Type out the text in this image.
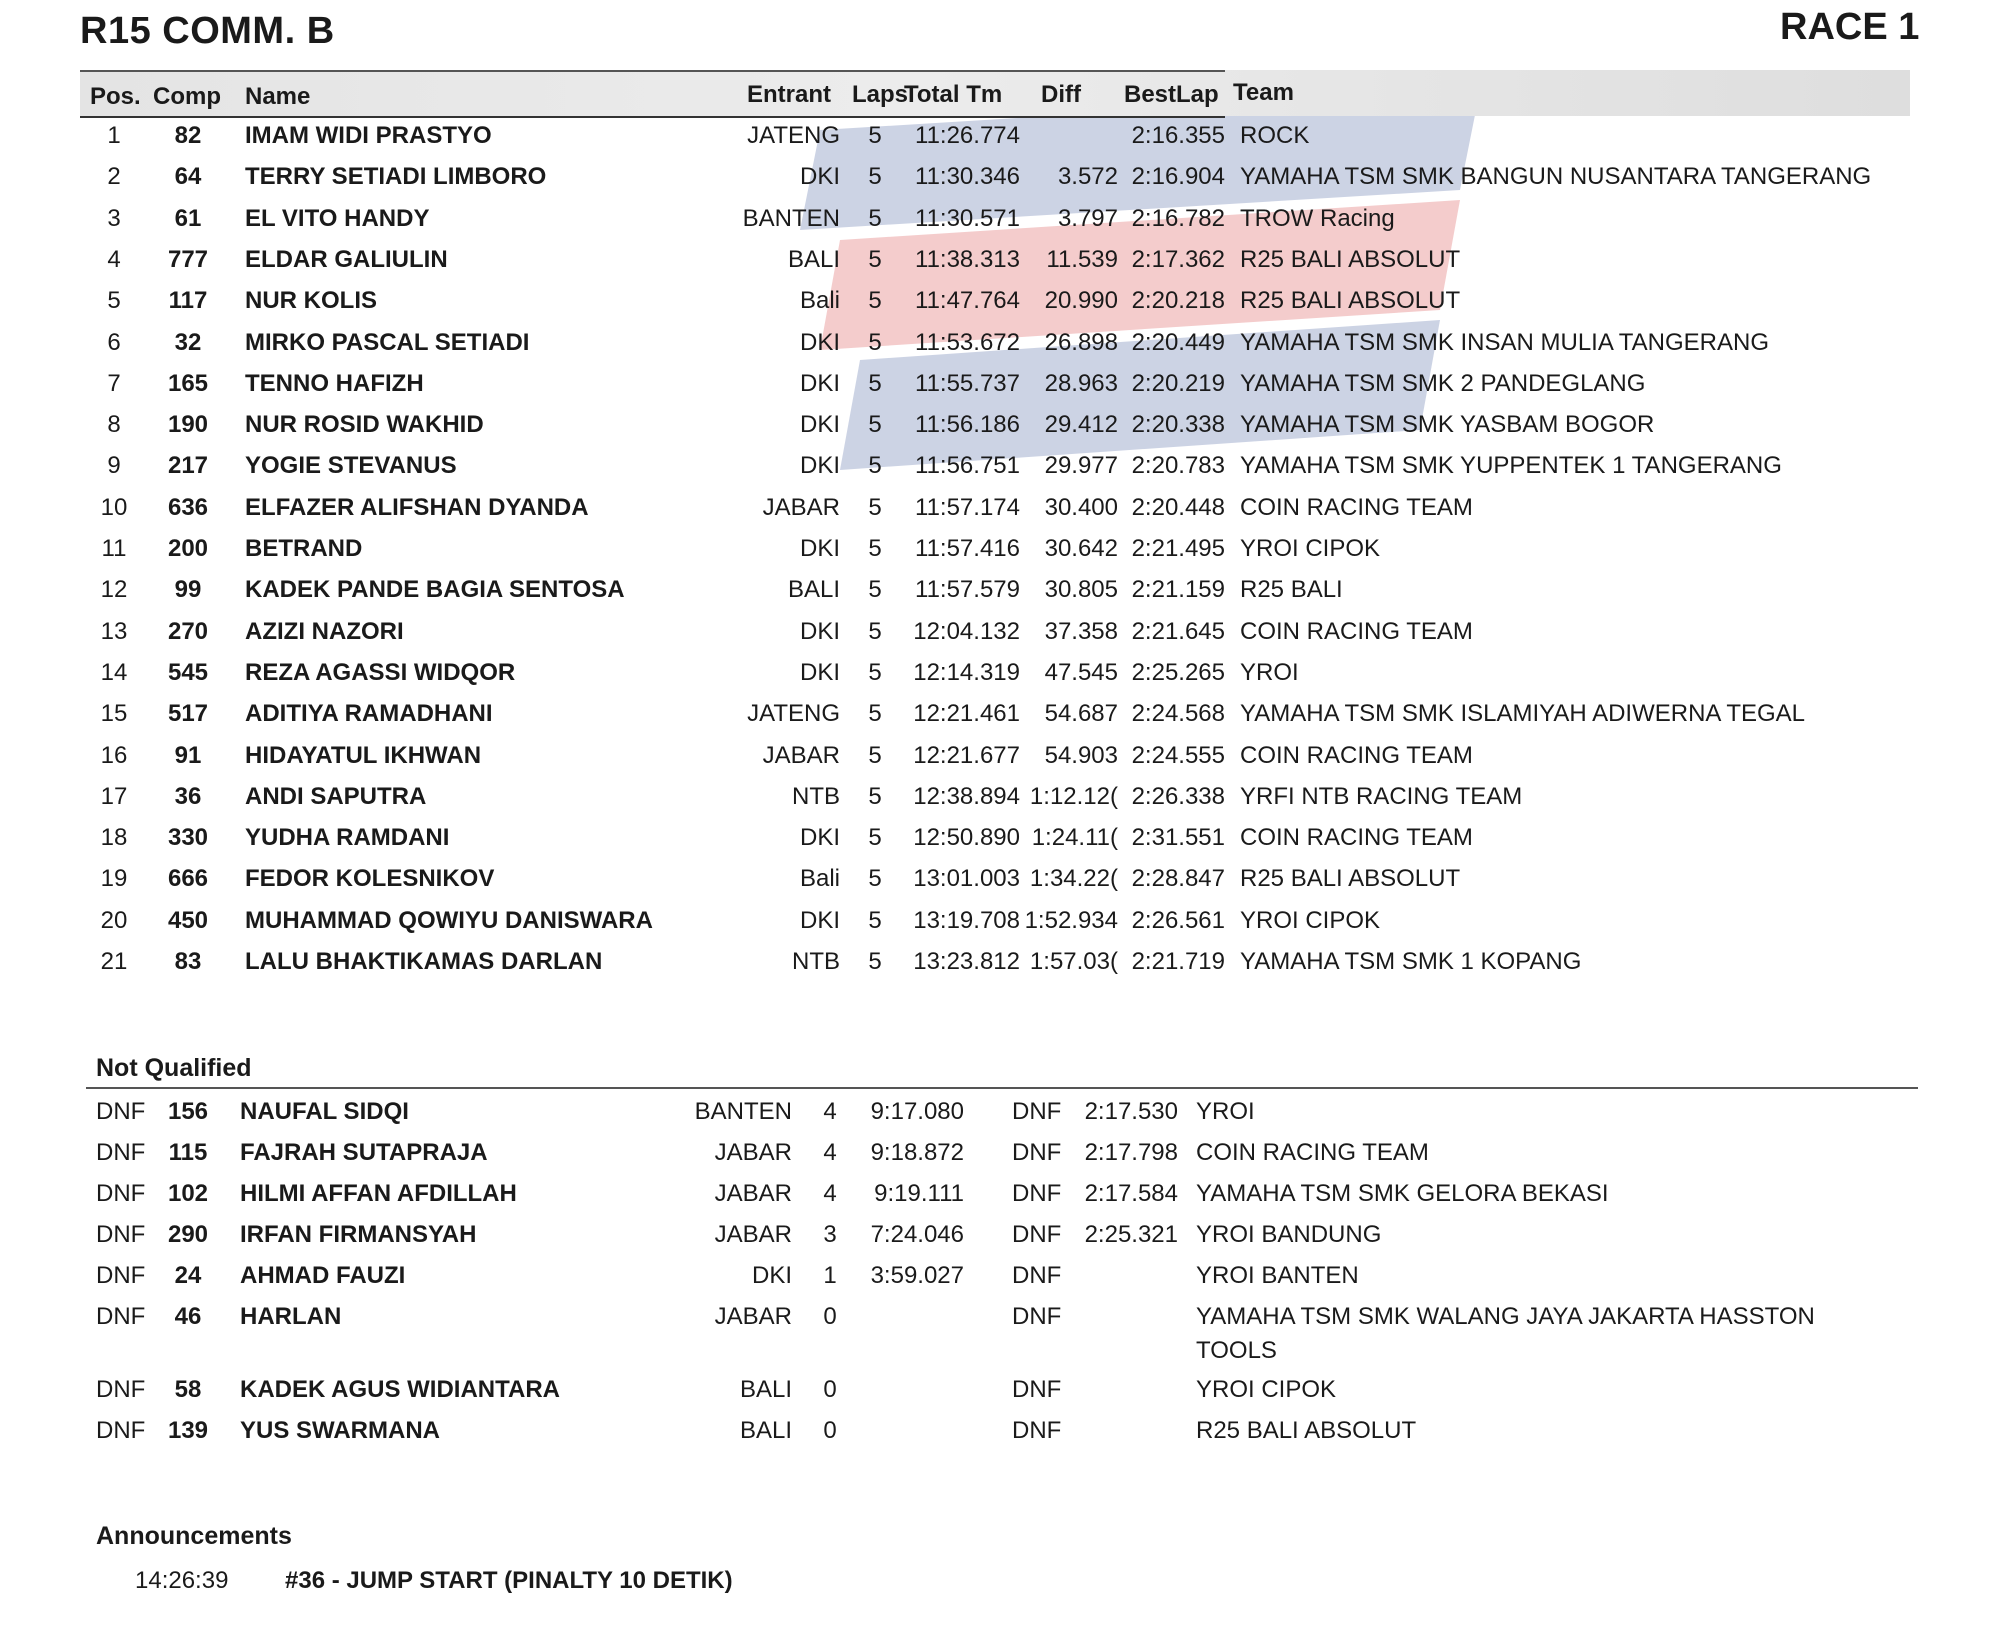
R15 COMM. B	RACE 1
Pos. Comp Name	Entrant Laps
Total Tm Diff BestLap Team
1	82	IMAM WIDI PRASTYO	JATENG	5	11:26.774	2:16.355 ROCK
2	64	TERRY SETIADI LIMBORO	DKI	5	11:30.346	3.572 2:16.904 YAMAHA TSM SMK BANGUN NUSANTARA TANGERANG
3	61	EL VITO HANDY	BANTEN	5	11:30.571	3.797 2:16.782 TROW Racing
4	777	ELDAR GALIULIN	BALI	5	11:38.313	11.539 2:17.362 R25 BALI ABSOLUT
5	117	NUR KOLIS	Bali	5	11:47.764	20.990 2:20.218 R25 BALI ABSOLUT
6	32	MIRKO PASCAL SETIADI	DKI	5	11:53.672	26.898 2:20.449 YAMAHA TSM SMK INSAN MULIA TANGERANG
7	165	TENNO HAFIZH	DKI	5	11:55.737	28.963 2:20.219 YAMAHA TSM SMK 2 PANDEGLANG
8	190	NUR ROSID WAKHID	DKI	5	11:56.186	29.412 2:20.338 YAMAHA TSM SMK YASBAM BOGOR
9	217	YOGIE STEVANUS	DKI	5	11:56.751	29.977 2:20.783 YAMAHA TSM SMK YUPPENTEK 1 TANGERANG
10	636	ELFAZER ALIFSHAN DYANDA	JABAR	5	11:57.174	30.400 2:20.448 COIN RACING TEAM
11	200	BETRAND	DKI	5	11:57.416	30.642 2:21.495 YROI CIPOK
12	99	KADEK PANDE BAGIA SENTOSA	BALI	5	11:57.579	30.805 2:21.159 R25 BALI
13	270	AZIZI NAZORI	DKI	5	12:04.132	37.358 2:21.645 COIN RACING TEAM
14	545	REZA AGASSI WIDQOR	DKI	5	12:14.319	47.545 2:25.265 YROI
15	517	ADITIYA RAMADHANI	JATENG	5	12:21.461	54.687 2:24.568 YAMAHA TSM SMK ISLAMIYAH ADIWERNA TEGAL
16	91	HIDAYATUL IKHWAN	JABAR	5	12:21.677	54.903 2:24.555 COIN RACING TEAM
17	36	ANDI SAPUTRA	NTB	5	12:38.894 1:12.12( 2:26.338 YRFI NTB RACING TEAM
18	330	YUDHA RAMDANI	DKI	5	12:50.890 1:24.11( 2:31.551 COIN RACING TEAM
19	666	FEDOR KOLESNIKOV	Bali	5	13:01.003 1:34.22( 2:28.847 R25 BALI ABSOLUT
20	450	MUHAMMAD QOWIYU DANISWARA	DKI	5	13:19.708 1:52.934 2:26.561 YROI CIPOK
21	83	LALU BHAKTIKAMAS DARLAN	NTB	5	13:23.812 1:57.03( 2:21.719 YAMAHA TSM SMK 1 KOPANG
Not Qualified
DNF 156	NAUFAL SIDQI	BANTEN	4	9:17.080 DNF 2:17.530 YROI
DNF 115	FAJRAH SUTAPRAJA	JABAR	4	9:18.872 DNF 2:17.798 COIN RACING TEAM
DNF 102	HILMI AFFAN AFDILLAH	JABAR	4	9:19.111 DNF 2:17.584 YAMAHA TSM SMK GELORA BEKASI
DNF 290	IRFAN FIRMANSYAH	JABAR	3	7:24.046 DNF 2:25.321 YROI BANDUNG
DNF	24	AHMAD FAUZI	DKI	1	3:59.027 DNF	YROI BANTEN
DNF	46	HARLAN	JABAR	0	DNF	YAMAHA TSM SMK WALANG JAYA JAKARTA HASSTON
TOOLS
DNF	58	KADEK AGUS WIDIANTARA	BALI	0	DNF	YROI CIPOK
DNF 139	YUS SWARMANA	BALI	0	DNF	R25 BALI ABSOLUT
Announcements
14:26:39 #36 - JUMP START (PINALTY 10 DETIK)
